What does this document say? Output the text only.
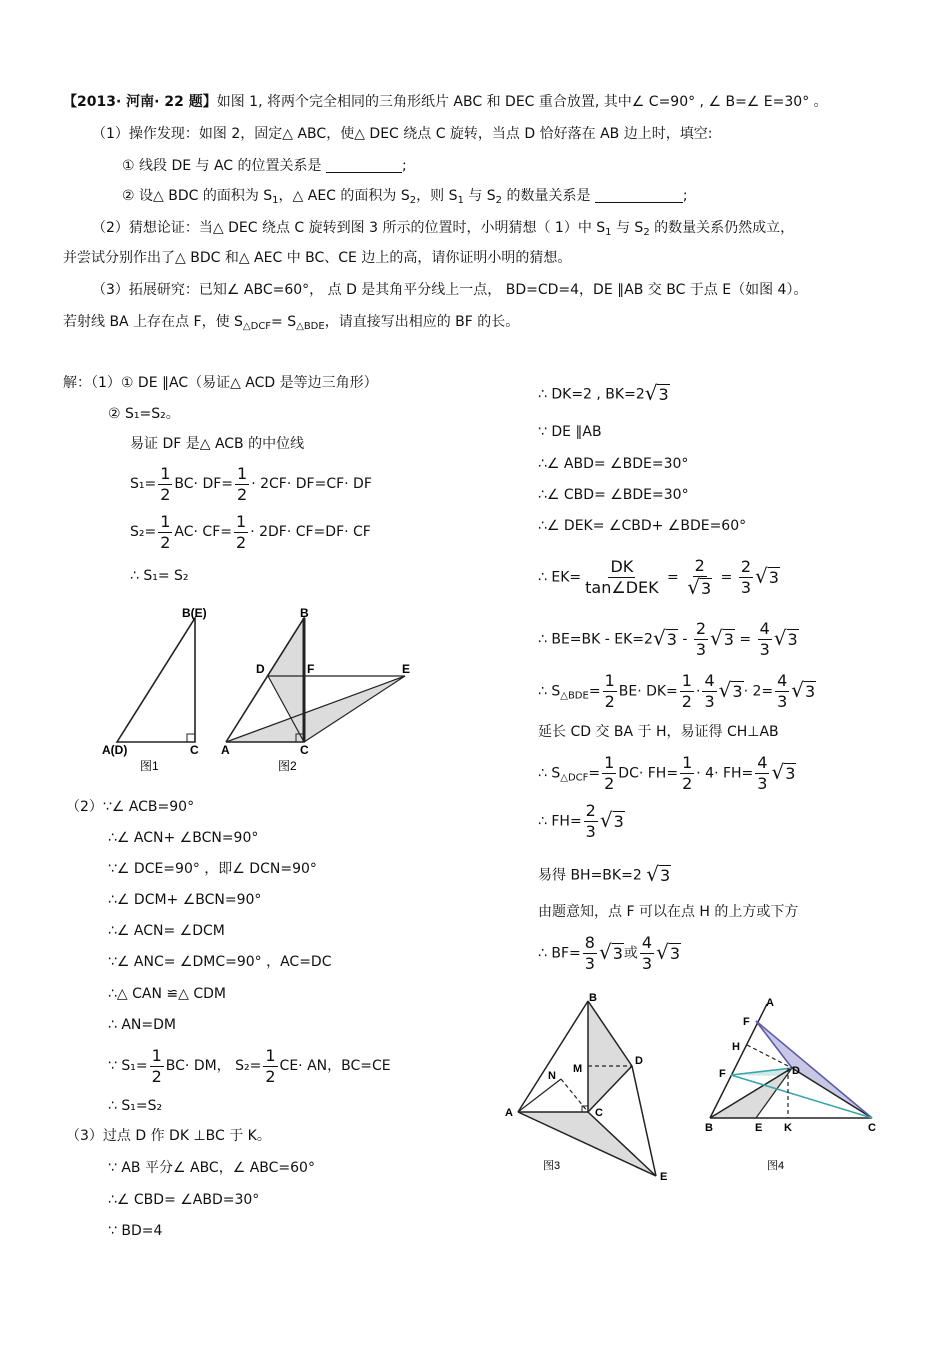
【2013· 河南· 22 题】如图 1, 将两个完全相同的三角形纸片 ABC 和 DEC 重合放置, 其中∠ C=90° , ∠ B=∠ E=30° 。
（1）操作发现：如图 2，固定△ ABC，使△ DEC 绕点 C 旋转，当点 D 恰好落在 AB 边上时，填空:
① 线段 DE 与 AC 的位置关系是	;
② 设△ BDC 的面积为 $S_1$，△ AEC 的面积为 $S_2$，则 $S_1$ 与 $S_2$ 的数量关系是	;
（2）猜想论证：当△ DEC 绕点 C 旋转到图 3 所示的位置时，小明猜想（ 1）中 $S_1$ 与 $S_2$ 的数量关系仍然成立，
并尝试分别作出了△ BDC 和△ AEC 中 BC、CE 边上的高，请你证明小明的猜想。
（3）拓展研究：已知∠ ABC=60°， 点 D 是其角平分线上一点， BD=CD=4，DE ∥AB 交 BC 于点 E（如图 4）。
若射线 BA 上存在点 F，使 $S_{\triangle DCF}= S_{\triangle BDE}$，请直接写出相应的 BF 的长。
解：（1）① DE ∥AC（易证△ ACD 是等边三角形）
② S₁=S₂。
易证 DF 是△ ACB 的中位线
$S_1= \frac{1}{2} BC\cdot DF= \frac{1}{2} \cdot 2CF\cdot DF=CF\cdot$ DF
$S_2= \frac{1}{2} AC\cdot CF= \frac{1}{2} \cdot 2DF\cdot CF=DF\cdot$ CF
∴ S₁= S₂
B(E)
A(D)	C
图1
B
D	F	E
A	C
图2
（2）∵∠ ACB=90°
∴∠ ACN+ ∠BCN=90°
∵∠ DCE=90° ，即∠ DCN=90°
∴∠ DCM+ ∠BCN=90°
∴∠ ACN= ∠DCM
∵∠ ANC= ∠DMC=90° ，AC=DC
∴△ CAN ≌△ CDM
∴ AN=DM
∵ $S_1= \frac{1}{2} BC\cdot$ DM， $S_2= \frac{1}{2} CE\cdot$ AN，BC=CE
∴ S₁=S₂
（3）过点 D 作 DK ⊥BC 于 K。
∵ AB 平分∠ ABC，∠ ABC=60°
∴∠ CBD= ∠ABD=30°
∵ BD=4
∴ DK=2 , BK=2√3
∵ DE ∥AB
∴∠ ABD= ∠BDE=30°
∴∠ CBD= ∠BDE=30°
∴∠ DEK= ∠CBD+ ∠BDE=60°
∴ $EK= \frac{DK}{\text{tan∠DEK}} = \frac{2}{√3} = \frac{2}{3} √3$
∴ $BE=BK - EK=2√3 - \frac{2}{3} √3 = \frac{4}{3} √3$
∴ $S_{\triangle BDE}= \frac{1}{2} BE\cdot DK= \frac{1}{2} \cdot \frac{4}{3} √3\cdot 2= \frac{4}{3} √3$
延长 CD 交 BA 于 H，易证得 CH⊥AB
∴ $S_{\triangle DCF}= \frac{1}{2} DC\cdot FH= \frac{1}{2} \cdot 4\cdot FH= \frac{4}{3} √3$
∴ $FH= \frac{2}{3} √3$
易得 BH=BK=2 √3
由题意知，点 F 可以在点 H 的上方或下方
∴ $BF= \frac{8}{3} √3$或 $\frac{4}{3} √3$
B
D
M
N
A	C
E
图3
A
F
H
F	D
B	E K	C
图4
